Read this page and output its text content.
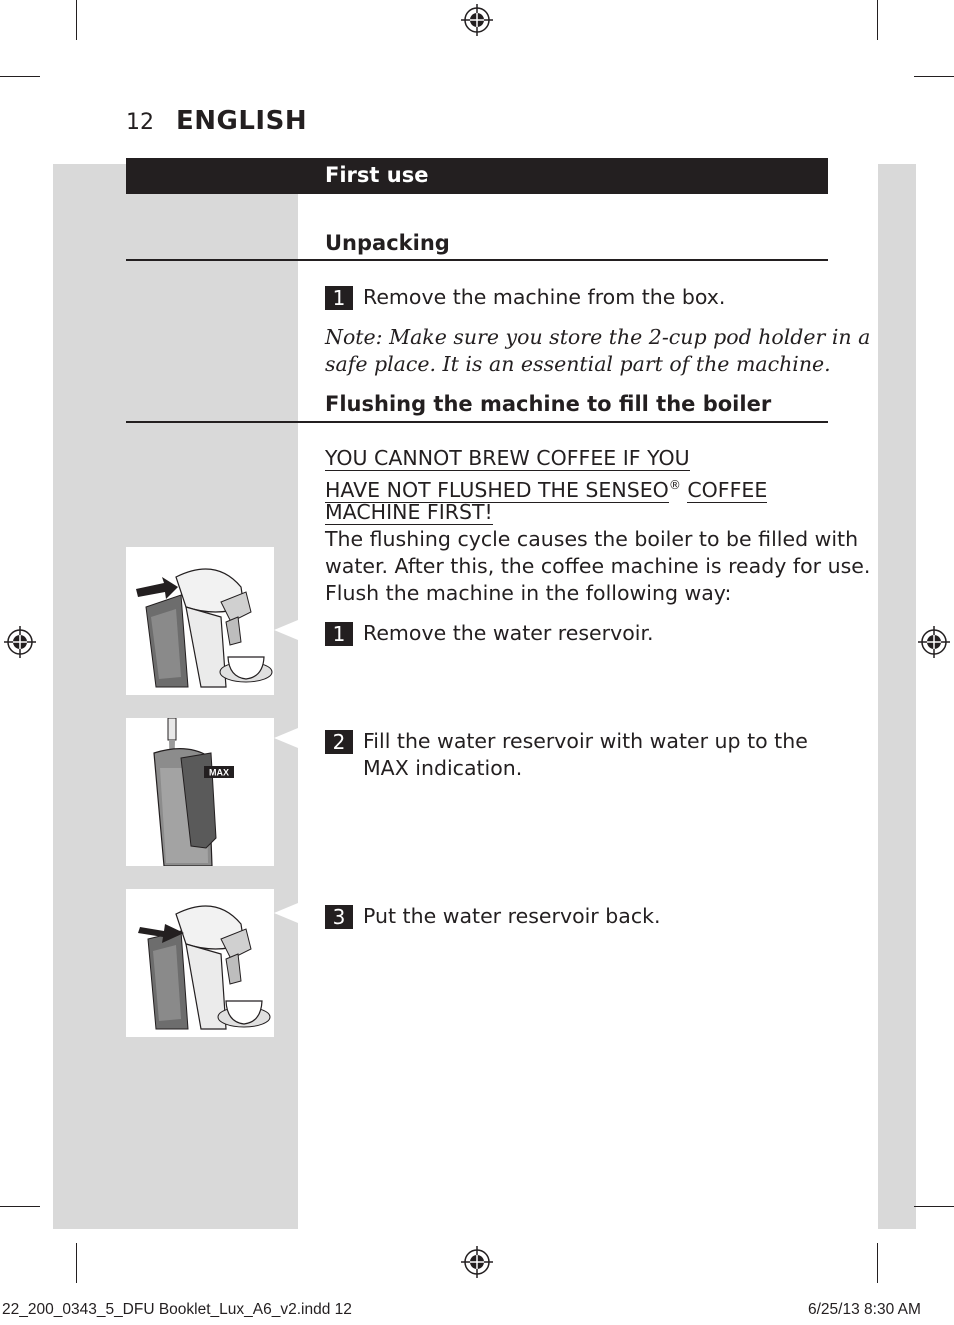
12 ENGLISH
First use
Unpacking
1 Remove the machine from the box.
Note: Make sure you store the 2-cup pod holder in a
safe place. It is an essential part of the machine.
Flushing the machine to fill the boiler
YOU CANNOT BREW COFFEE IF YOU
HAVE NOT FLUSHED THE SENSEO® COFFEE
MACHINE FIRST!
The flushing cycle causes the boiler to be filled with
water. After this, the coffee machine is ready for use.
Flush the machine in the following way:
1 Remove the water reservoir.
2 Fill the water reservoir with water up to the
MAX indication.
3 Put the water reservoir back.
MAX
22_200_0343_5_DFU Booklet_Lux_A6_v2.indd 12	6/25/13 8:30 AM
